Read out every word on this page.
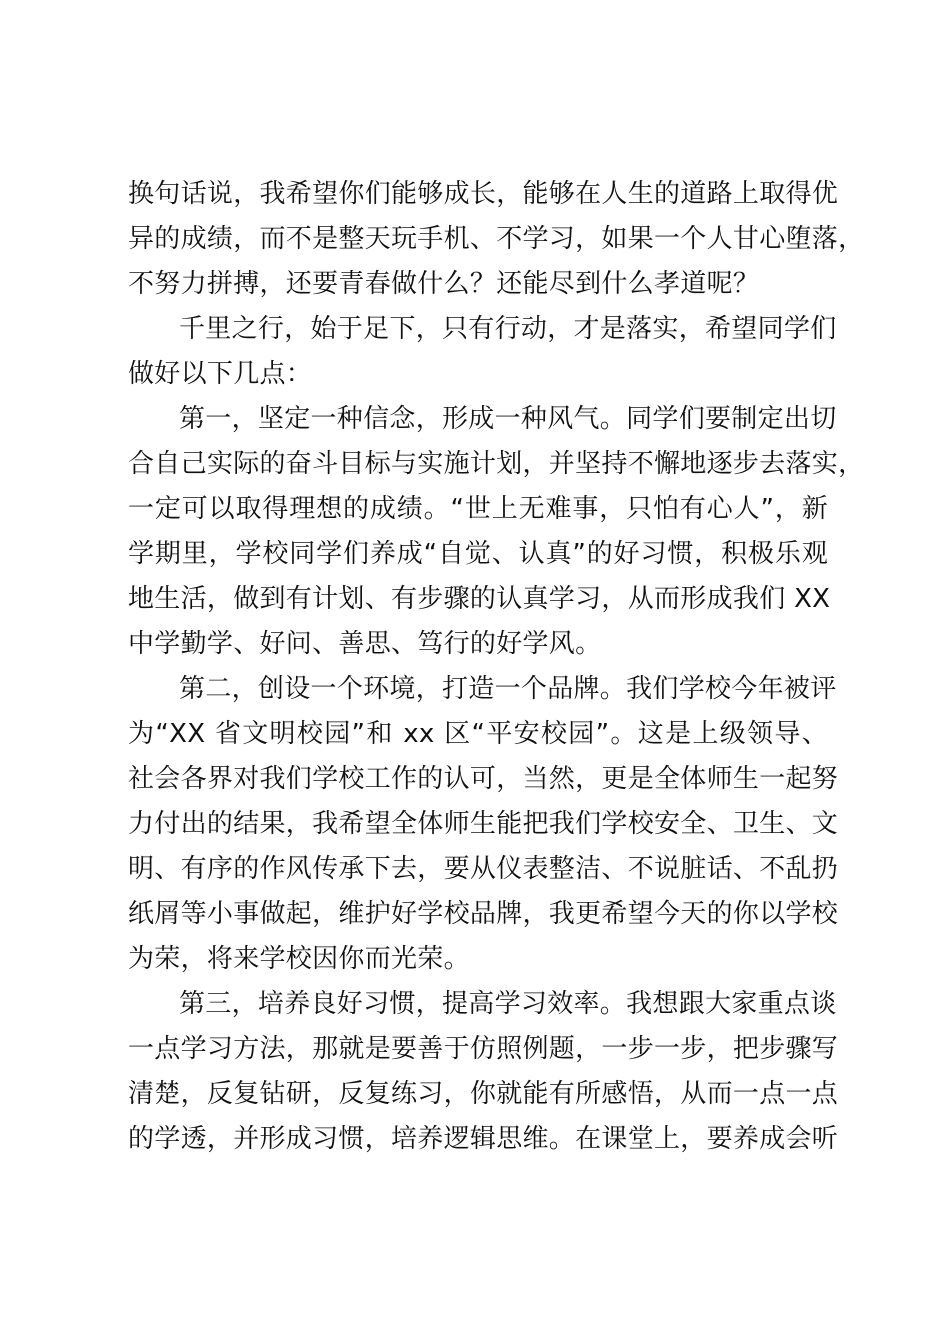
换句话说，我希望你们能够成长，能够在人生的道路上取得优
异的成绩，而不是整天玩手机、不学习，如果一个人甘心堕落，
不努力拼搏，还要青春做什么？还能尽到什么孝道呢？
千里之行，始于足下，只有行动，才是落实，希望同学们
做好以下几点：
第一，坚定一种信念，形成一种风气。同学们要制定出切
合自己实际的奋斗目标与实施计划，并坚持不懈地逐步去落实，
一定可以取得理想的成绩。“世上无难事，只怕有心人”，新
学期里，学校同学们养成“自觉、认真”的好习惯，积极乐观
地生活，做到有计划、有步骤的认真学习，从而形成我们 XX
中学勤学、好问、善思、笃行的好学风。
第二，创设一个环境，打造一个品牌。我们学校今年被评
为“XX 省文明校园”和 xx 区“平安校园”。这是上级领导、
社会各界对我们学校工作的认可，当然，更是全体师生一起努
力付出的结果，我希望全体师生能把我们学校安全、卫生、文
明、有序的作风传承下去，要从仪表整洁、不说脏话、不乱扔
纸屑等小事做起，维护好学校品牌，我更希望今天的你以学校
为荣，将来学校因你而光荣。
第三，培养良好习惯，提高学习效率。我想跟大家重点谈
一点学习方法，那就是要善于仿照例题，一步一步，把步骤写
清楚，反复钻研，反复练习，你就能有所感悟，从而一点一点
的学透，并形成习惯，培养逻辑思维。在课堂上，要养成会听
